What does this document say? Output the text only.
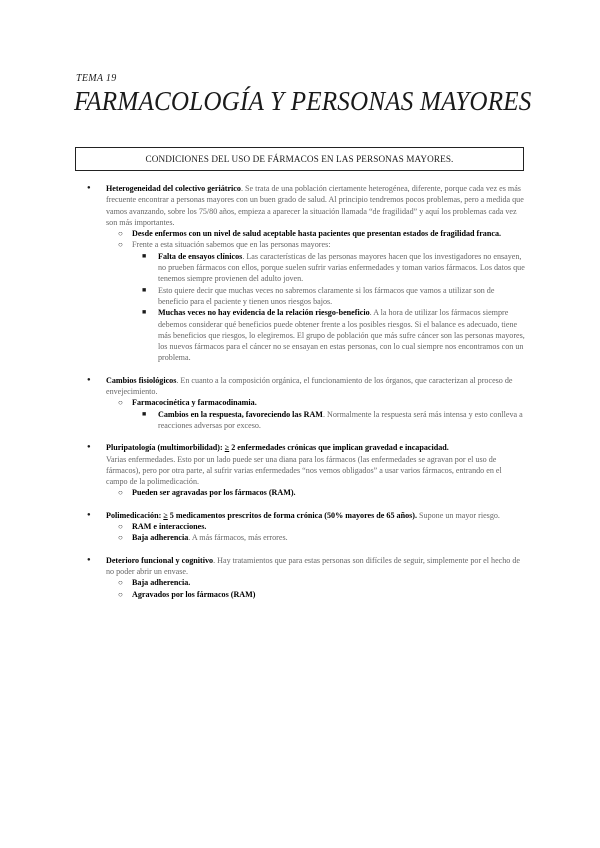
TEMA 19
FARMACOLOGÍA Y PERSONAS MAYORES
CONDICIONES DEL USO DE FÁRMACOS EN LAS PERSONAS MAYORES.
● Heterogeneidad del colectivo geriátrico. Se trata de una población ciertamente heterogénea, diferente, porque cada vez es más frecuente encontrar a personas mayores con un buen grado de salud. Al principio tendremos pocos problemas, pero a medida que vamos avanzando, sobre los 75/80 años, empieza a aparecer la situación llamada “de fragilidad” y aquí los problemas cada vez son más importantes.
○ Desde enfermos con un nivel de salud aceptable hasta pacientes que presentan estados de fragilidad franca.
○ Frente a esta situación sabemos que en las personas mayores:
■ Falta de ensayos clínicos. Las características de las personas mayores hacen que los investigadores no ensayen, no prueben fármacos con ellos, porque suelen sufrir varias enfermedades y toman varios fármacos. Los datos que tenemos siempre provienen del adulto joven.
■ Esto quiere decir que muchas veces no sabremos claramente si los fármacos que vamos a utilizar son de beneficio para el paciente y tienen unos riesgos bajos.
■ Muchas veces no hay evidencia de la relación riesgo-beneficio. A la hora de utilizar los fármacos siempre debemos considerar qué beneficios puede obtener frente a los posibles riesgos. Si el balance es adecuado, tiene más beneficios que riesgos, lo elegiremos. El grupo de población que más sufre cáncer son las personas mayores, los nuevos fármacos para el cáncer no se ensayan en estas personas, con lo cual siempre nos encontramos con un problema.
● Cambios fisiológicos. En cuanto a la composición orgánica, el funcionamiento de los órganos, que caracterizan al proceso de envejecimiento.
○ Farmacocinética y farmacodinamia.
■ Cambios en la respuesta, favoreciendo las RAM. Normalmente la respuesta será más intensa y esto conlleva a reacciones adversas por exceso.
● Pluripatología (multimorbilidad): ≥ 2 enfermedades crónicas que implican gravedad e incapacidad.
Varias enfermedades. Esto por un lado puede ser una diana para los fármacos (las enfermedades se agravan por el uso de fármacos), pero por otra parte, al sufrir varias enfermedades “nos vemos obligados” a usar varios fármacos, entrando en el campo de la polimedicación.
○ Pueden ser agravadas por los fármacos (RAM).
● Polimedicación: ≥ 5 medicamentos prescritos de forma crónica (50% mayores de 65 años). Supone un mayor riesgo.
○ RAM e interacciones.
○ Baja adherencia. A más fármacos, más errores.
● Deterioro funcional y cognitivo. Hay tratamientos que para estas personas son difíciles de seguir, simplemente por el hecho de no poder abrir un envase.
○ Baja adherencia.
○ Agravados por los fármacos (RAM)
